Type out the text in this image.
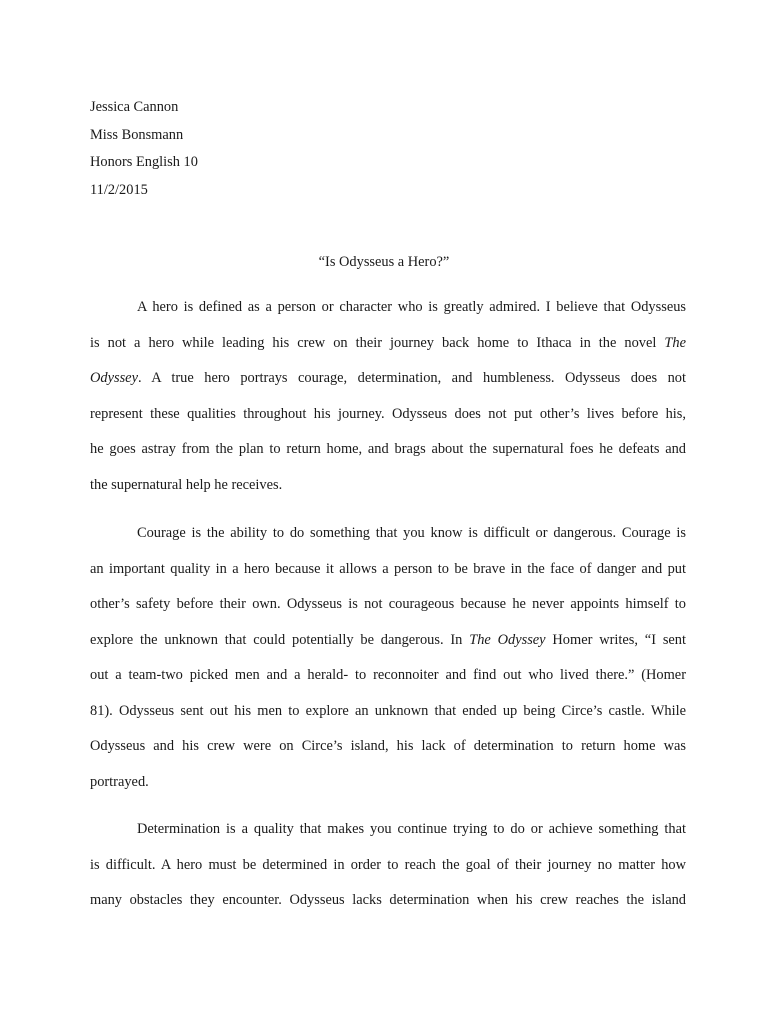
Jessica Cannon
Miss Bonsmann
Honors English 10
11/2/2015
“Is Odysseus a Hero?”
A hero is defined as a person or character who is greatly admired. I believe that Odysseus
is not a hero while leading his crew on their journey back home to Ithaca in the novel The
Odyssey. A true hero portrays courage, determination, and humbleness. Odysseus does not
represent these qualities throughout his journey. Odysseus does not put other’s lives before his,
he goes astray from the plan to return home, and brags about the supernatural foes he defeats and
the supernatural help he receives.
Courage is the ability to do something that you know is difficult or dangerous. Courage is
an important quality in a hero because it allows a person to be brave in the face of danger and put
other’s safety before their own. Odysseus is not courageous because he never appoints himself to
explore the unknown that could potentially be dangerous. In The Odyssey Homer writes, “I sent
out a team-two picked men and a herald- to reconnoiter and find out who lived there.” (Homer
81). Odysseus sent out his men to explore an unknown that ended up being Circe’s castle. While
Odysseus and his crew were on Circe’s island, his lack of determination to return home was
portrayed.
Determination is a quality that makes you continue trying to do or achieve something that
is difficult. A hero must be determined in order to reach the goal of their journey no matter how
many obstacles they encounter. Odysseus lacks determination when his crew reaches the island
